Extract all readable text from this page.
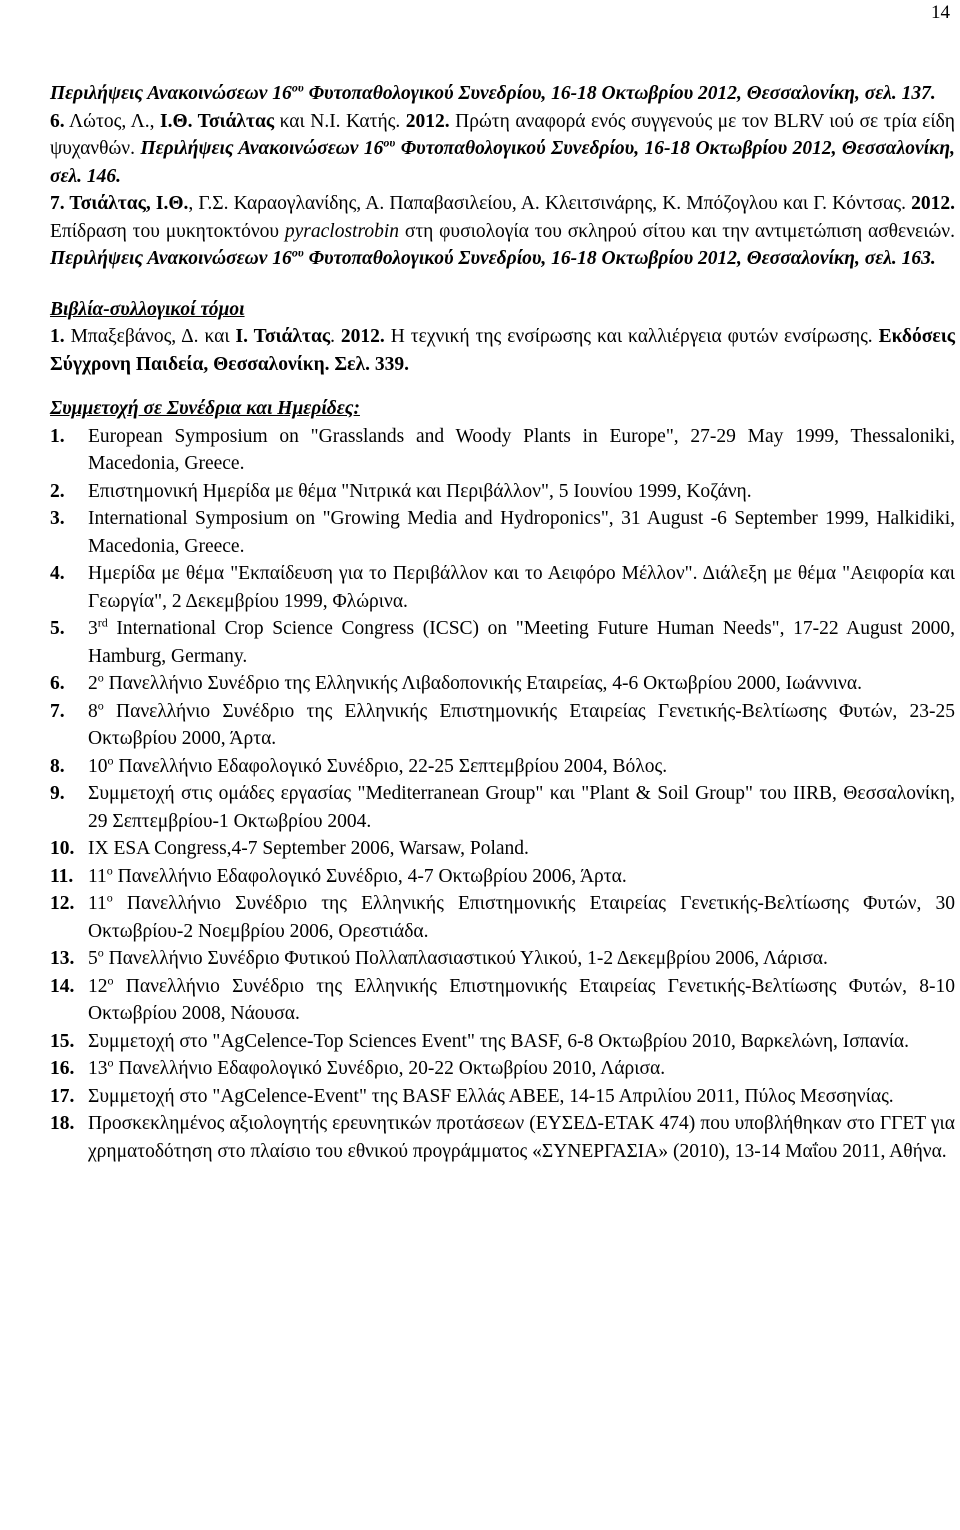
14

Περιλήψεις Ανακοινώσεων $16^{o\upsilon}$ Φυτοπαθολογικού Συνεδρίου, 16-18 Οκτωβρίου 2012, Θεσσαλονίκη, σελ. 137.

6. Λώτος, Λ., Ι.Θ. Τσιάλτας και Ν.Ι. Κατής. 2012. Πρώτη αναφορά ενός συγγενούς με τον BLRV ιού σε τρία είδη ψυχανθών. Περιλήψεις Ανακοινώσεων $16^{o\upsilon}$ Φυτοπαθολογικού Συνεδρίου, 16-18 Οκτωβρίου 2012, Θεσσαλονίκη, σελ. 146.

7. Τσιάλτας, Ι.Θ., Γ.Σ. Καραογλανίδης, Α. Παπαβασιλείου, Α. Κλειτσινάρης, Κ. Μπόζογλου και Γ. Κόντσας. 2012. Επίδραση του μυκητοκτόνου pyraclostrobin στη φυσιολογία του σκληρού σίτου και την αντιμετώπιση ασθενειών. Περιλήψεις Ανακοινώσεων $16^{o\upsilon}$ Φυτοπαθολογικού Συνεδρίου, 16-18 Οκτωβρίου 2012, Θεσσαλονίκη, σελ. 163.

Βιβλία-συλλογικοί τόμοι

1. Μπαξεβάνος, Δ. και Ι. Τσιάλτας. 2012. Η τεχνική της ενσίρωσης και καλλιέργεια φυτών ενσίρωσης. Εκδόσεις Σύγχρονη Παιδεία, Θεσσαλονίκη. Σελ. 339.

Συμμετοχή σε Συνέδρια και Ημερίδες:

1.	European Symposium on "Grasslands and Woody Plants in Europe", 27-29 May 1999, Thessaloniki, Macedonia, Greece.
2.	Επιστημονική Ημερίδα με θέμα "Νιτρικά και Περιβάλλον", 5 Ιουνίου 1999, Κοζάνη.
3.	International Symposium on "Growing Media and Hydroponics", 31 August -6 September 1999, Halkidiki, Macedonia, Greece.
4.	Ημερίδα με θέμα "Εκπαίδευση για το Περιβάλλον και το Αειφόρο Μέλλον". Διάλεξη με θέμα "Αειφορία και Γεωργία", 2 Δεκεμβρίου 1999, Φλώρινα.
5.	3rd International Crop Science Congress (ICSC) on "Meeting Future Human Needs", 17-22 August 2000, Hamburg, Germany.
6.	$2^o$ Πανελλήνιο Συνέδριο της Ελληνικής Λιβαδοπονικής Εταιρείας, 4-6 Οκτωβρίου 2000, Ιωάννινα.
7.	$8^o$ Πανελλήνιο Συνέδριο της Ελληνικής Επιστημονικής Εταιρείας Γενετικής-Βελτίωσης Φυτών, 23-25 Οκτωβρίου 2000, Άρτα.
8.	$10^o$ Πανελλήνιο Εδαφολογικό Συνέδριο, 22-25 Σεπτεμβρίου 2004, Βόλος.
9.	Συμμετοχή στις ομάδες εργασίας "Mediterranean Group" και "Plant & Soil Group" του IIRB, Θεσσαλονίκη, 29 Σεπτεμβρίου-1 Οκτωβρίου 2004.
10. IX ESA Congress,4-7 September 2006, Warsaw, Poland.
11. $11^o$ Πανελλήνιο Εδαφολογικό Συνέδριο, 4-7 Οκτωβρίου 2006, Άρτα.
12. $11^o$ Πανελλήνιο Συνέδριο της Ελληνικής Επιστημονικής Εταιρείας Γενετικής-Βελτίωσης Φυτών, 30 Οκτωβρίου-2 Νοεμβρίου 2006, Ορεστιάδα.
13. $5^o$ Πανελλήνιο Συνέδριο Φυτικού Πολλαπλασιαστικού Υλικού, 1-2 Δεκεμβρίου 2006, Λάρισα.
14. $12^o$ Πανελλήνιο Συνέδριο της Ελληνικής Επιστημονικής Εταιρείας Γενετικής-Βελτίωσης Φυτών, 8-10 Οκτωβρίου 2008, Νάουσα.
15. Συμμετοχή στο "AgCelence-Top Sciences Event" της BASF, 6-8 Οκτωβρίου 2010, Βαρκελώνη, Ισπανία.
16. $13^o$ Πανελλήνιο Εδαφολογικό Συνέδριο, 20-22 Οκτωβρίου 2010, Λάρισα.
17. Συμμετοχή στο "AgCelence-Event" της BASF Ελλάς ΑΒΕΕ, 14-15 Απριλίου 2011, Πύλος Μεσσηνίας.
18. Προσκεκλημένος αξιολογητής ερευνητικών προτάσεων (ΕΥΣΕΔ-ΕΤΑΚ 474) που υποβλήθηκαν στο ΓΓΕΤ για χρηματοδότηση στο πλαίσιο του εθνικού προγράμματος «ΣΥΝΕΡΓΑΣΙΑ» (2010), 13-14 Μαΐου 2011, Αθήνα.
